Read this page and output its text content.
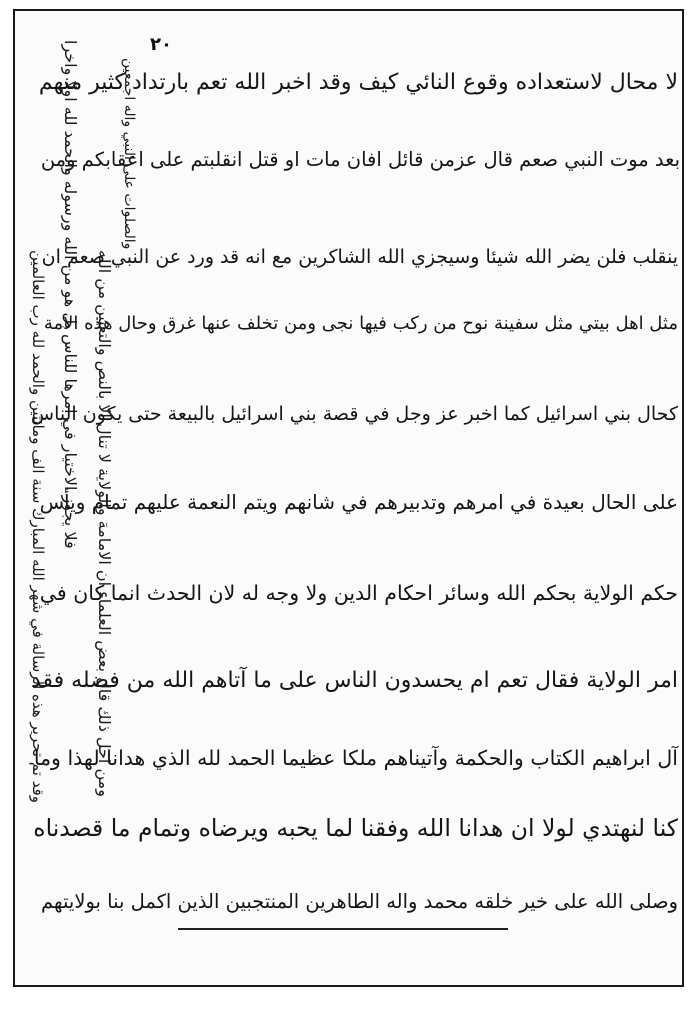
٢٠
لا محال لاستعداده وقوع النائي كيف وقد اخبر الله تعم بارتداد كثير منهم
بعد موت النبي صعم قال عزمن قائل افان مات او قتل انقلبتم على اعقابكم ومن
ينقلب فلن يضر الله شيئا وسيجزي الله الشاكرين مع انه قد ورد عن النبي صعم ان
مثل اهل بيتي مثل سفينة نوح من ركب فيها نجى ومن تخلف عنها غرق وحال هذه الامة
كحال بني اسرائيل كما اخبر عز وجل في قصة بني اسرائيل بالبيعة حتى يكون الناس
على الحال بعيدة في امرهم وتدبيرهم في شانهم ويتم النعمة عليهم تمام ويأس
حكم الولاية بحكم الله وسائر احكام الدين ولا وجه له لان الحدث انما كان في
امر الولاية فقال تعم ام يحسدون الناس على ما آتاهم الله من فضله فقد
آل ابراهيم الكتاب والحكمة وآتيناهم ملكا عظيما الحمد لله الذي هدانا لهذا وما
كنا لنهتدي لولا ان هدانا الله وفقنا لما يحبه ويرضاه وتمام ما قصدناه
وصلى الله على خير خلقه محمد واله الطاهرين المنتجبين الذين اكمل بنا بولايتهم
والصلوات على النبي واله اجمعين
ومن اجل ذلك قال بعض العلماء ان الامامة والولاية لا تنال الا بالنص والتعيين من الله
فلا يجوز الاختيار في امرها للناس بل هو من الله ورسوله والحمد لله اولا واخرا
وقد تم تحرير هذه الرسالة في شهر الله المبارك سنة الف ومائتين والحمد لله رب العالمين
